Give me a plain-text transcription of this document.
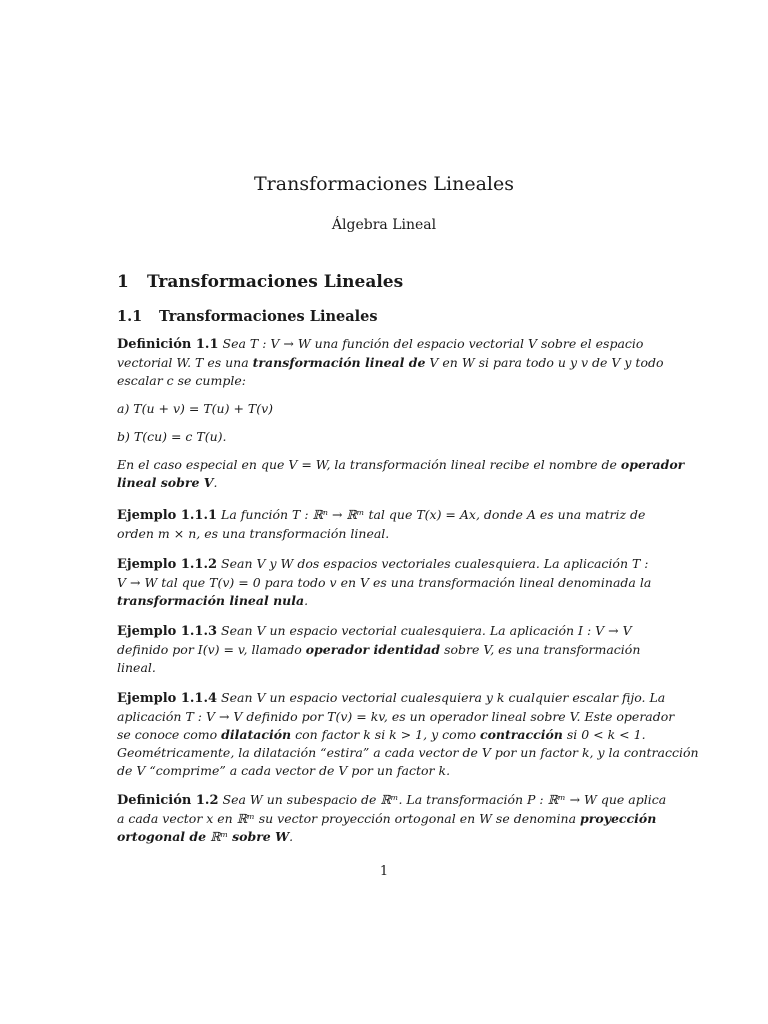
Transformaciones Lineales
Álgebra Lineal
1 Transformaciones Lineales
1.1 Transformaciones Lineales
Definición 1.1 Sea T : V → W una función del espacio vectorial V sobre el espacio
vectorial W. T es una transformación lineal de V en W si para todo u y v de V y todo
escalar c se cumple:
a) T(u + v) = T(u) + T(v)
b) T(cu) = c T(u).
En el caso especial en que V = W, la transformación lineal recibe el nombre de operador
lineal sobre V.
Ejemplo 1.1.1 La función T : ℝⁿ → ℝᵐ tal que T(x) = Ax, donde A es una matriz de
orden m × n, es una transformación lineal.
Ejemplo 1.1.2 Sean V y W dos espacios vectoriales cualesquiera. La aplicación T :
V → W tal que T(v) = 0 para todo v en V es una transformación lineal denominada la
transformación lineal nula.
Ejemplo 1.1.3 Sean V un espacio vectorial cualesquiera. La aplicación I : V → V
definido por I(v) = v, llamado operador identidad sobre V, es una transformación
lineal.
Ejemplo 1.1.4 Sean V un espacio vectorial cualesquiera y k cualquier escalar fijo. La
aplicación T : V → V definido por T(v) = kv, es un operador lineal sobre V. Este operador
se conoce como dilatación con factor k si k > 1, y como contracción si 0 < k < 1.
Geométricamente, la dilatación “estira” a cada vector de V por un factor k, y la contracción
de V “comprime” a cada vector de V por un factor k.
Definición 1.2 Sea W un subespacio de ℝᵐ. La transformación P : ℝᵐ → W que aplica
a cada vector x en ℝᵐ su vector proyección ortogonal en W se denomina proyección
ortogonal de ℝᵐ sobre W.
1
